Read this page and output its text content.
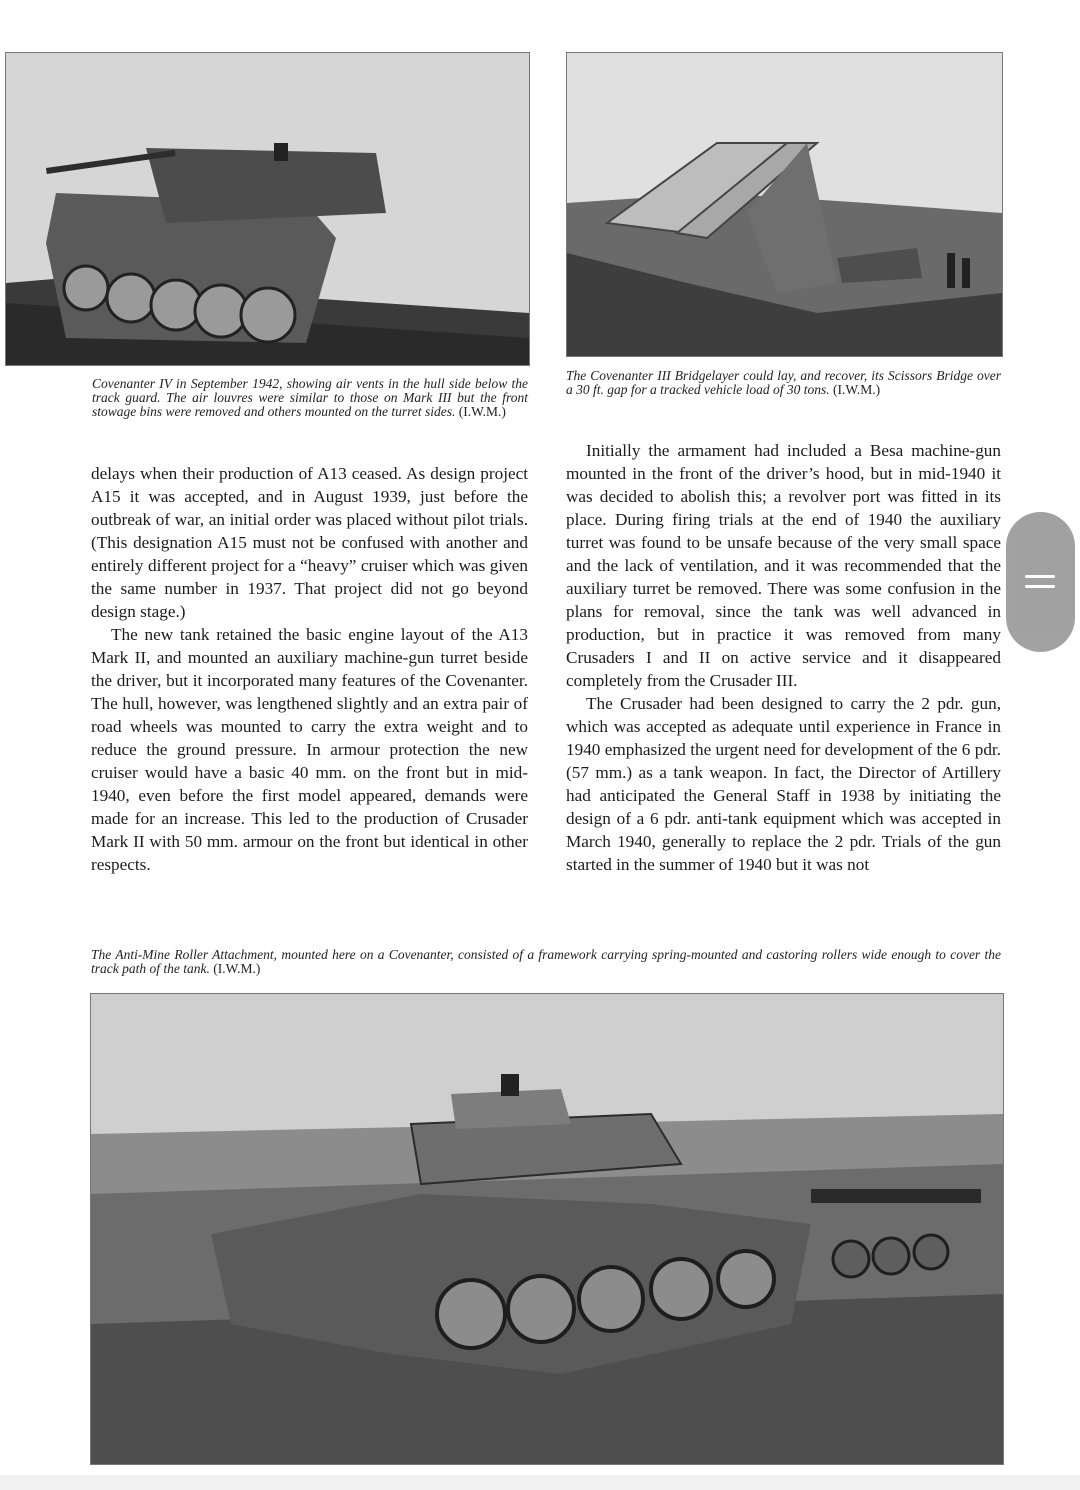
Covenanter IV in September 1942, showing air vents in the hull side below the track guard. The air louvres were similar to those on Mark III but the front stowage bins were removed and others mounted on the turret sides. (I.W.M.)
The Covenanter III Bridgelayer could lay, and recover, its Scissors Bridge over a 30 ft. gap for a tracked vehicle load of 30 tons. (I.W.M.)

delays when their production of A13 ceased. As design project A15 it was accepted, and in August 1939, just before the outbreak of war, an initial order was placed without pilot trials. (This designation A15 must not be confused with another and entirely different project for a “heavy” cruiser which was given the same number in 1937. That project did not go beyond design stage.)

The new tank retained the basic engine layout of the A13 Mark II, and mounted an auxiliary machine-gun turret beside the driver, but it incorporated many features of the Covenanter. The hull, however, was lengthened slightly and an extra pair of road wheels was mounted to carry the extra weight and to reduce the ground pressure. In armour protection the new cruiser would have a basic 40 mm. on the front but in mid-1940, even before the first model appeared, demands were made for an increase. This led to the production of Crusader Mark II with 50 mm. armour on the front but identical in other respects.

Initially the armament had included a Besa machine-gun mounted in the front of the driver’s hood, but in mid-1940 it was decided to abolish this; a revolver port was fitted in its place. During firing trials at the end of 1940 the auxiliary turret was found to be unsafe because of the very small space and the lack of ventilation, and it was recommended that the auxiliary turret be removed. There was some confusion in the plans for removal, since the tank was well advanced in production, but in practice it was removed from many Crusaders I and II on active service and it disappeared completely from the Crusader III.

The Crusader had been designed to carry the 2 pdr. gun, which was accepted as adequate until experience in France in 1940 emphasized the urgent need for development of the 6 pdr. (57 mm.) as a tank weapon. In fact, the Director of Artillery had anticipated the General Staff in 1938 by initiating the design of a 6 pdr. anti-tank equipment which was accepted in March 1940, generally to replace the 2 pdr. Trials of the gun started in the summer of 1940 but it was not

The Anti-Mine Roller Attachment, mounted here on a Covenanter, consisted of a framework carrying spring-mounted and castoring rollers wide enough to cover the track path of the tank. (I.W.M.)
